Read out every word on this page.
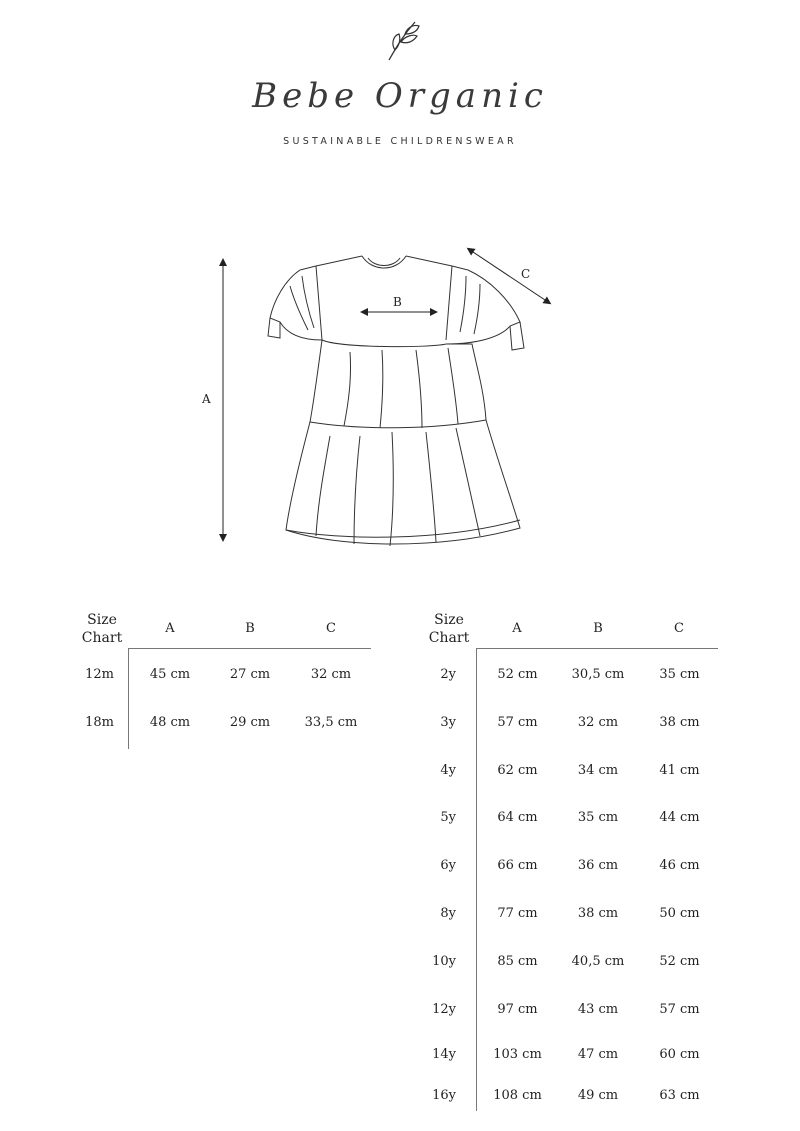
Bebe Organic
SUSTAINABLE CHILDRENSWEAR
A
B
C
Size
Chart
A	B	C
12m	45 cm	27 cm	32 cm
18m	48 cm	29 cm	33,5 cm
Size
Chart
A	B	C
2y	52 cm	30,5 cm	35 cm
3y	57 cm	32 cm	38 cm
4y	62 cm	34 cm	41 cm
5y	64 cm	35 cm	44 cm
6y	66 cm	36 cm	46 cm
8y	77 cm	38 cm	50 cm
10y	85 cm	40,5 cm	52 cm
12y	97 cm	43 cm	57 cm
14y	103 cm	47 cm	60 cm
16y	108 cm	49 cm	63 cm
